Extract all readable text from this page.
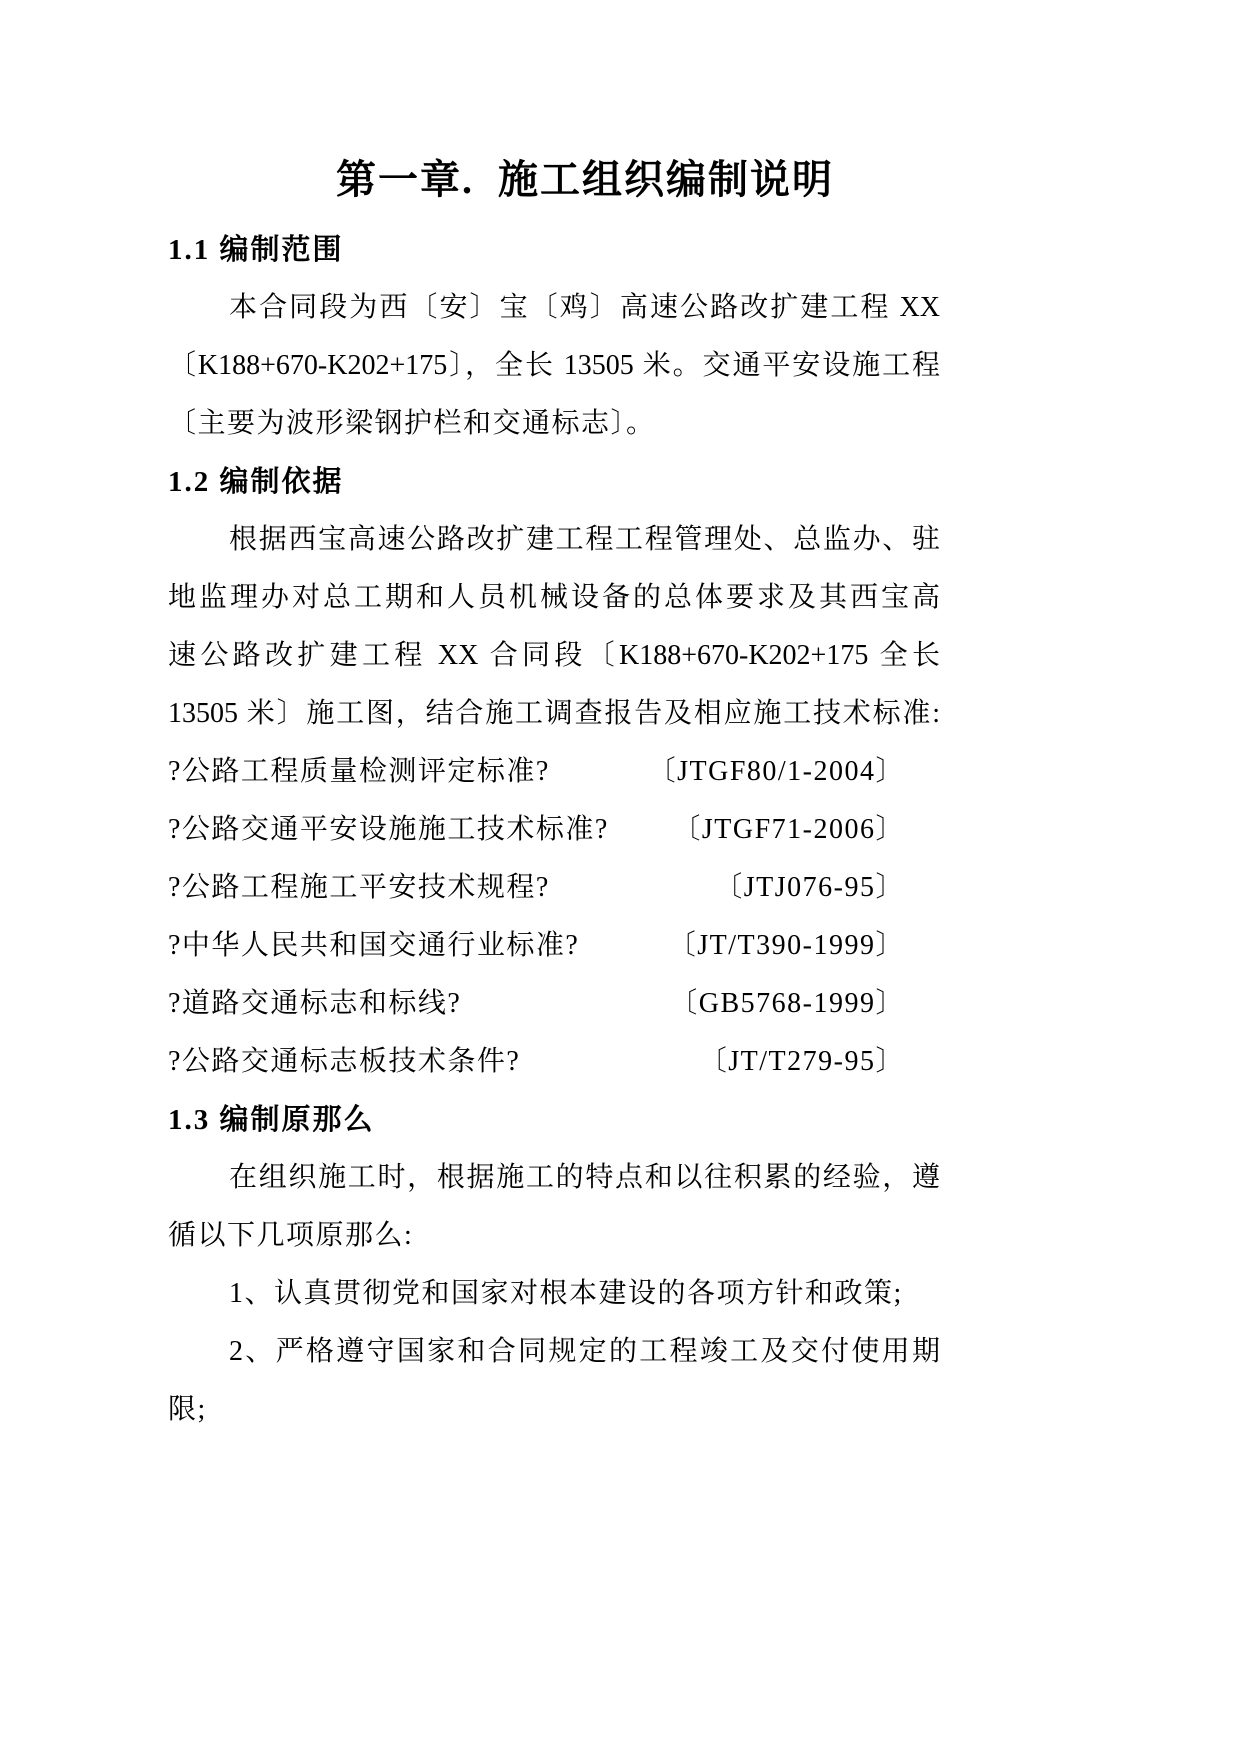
第一章.  施工组织编制说明
1.1 编制范围
本合同段为西〔安〕宝〔鸡〕高速公路改扩建工程 XX
〔K188+670-K202+175〕，全长 13505 米。交通平安设施工程
〔主要为波形梁钢护栏和交通标志〕。
1.2 编制依据
根据西宝高速公路改扩建工程工程管理处、总监办、驻
地监理办对总工期和人员机械设备的总体要求及其西宝高
速公路改扩建工程 XX 合同段〔K188+670-K202+175 全长
13505 米〕施工图，结合施工调查报告及相应施工技术标准:
?公路工程质量检测评定标准?	〔JTGF80/1-2004〕
?公路交通平安设施施工技术标准? 〔JTGF71-2006〕
?公路工程施工平安技术规程?	〔JTJ076-95〕
?中华人民共和国交通行业标准?	〔JT/T390-1999〕
?道路交通标志和标线?	〔GB5768-1999〕
?公路交通标志板技术条件?	〔JT/T279-95〕
1.3 编制原那么
在组织施工时，根据施工的特点和以往积累的经验，遵
循以下几项原那么:
1、认真贯彻党和国家对根本建设的各项方针和政策;
2、严格遵守国家和合同规定的工程竣工及交付使用期
限;
